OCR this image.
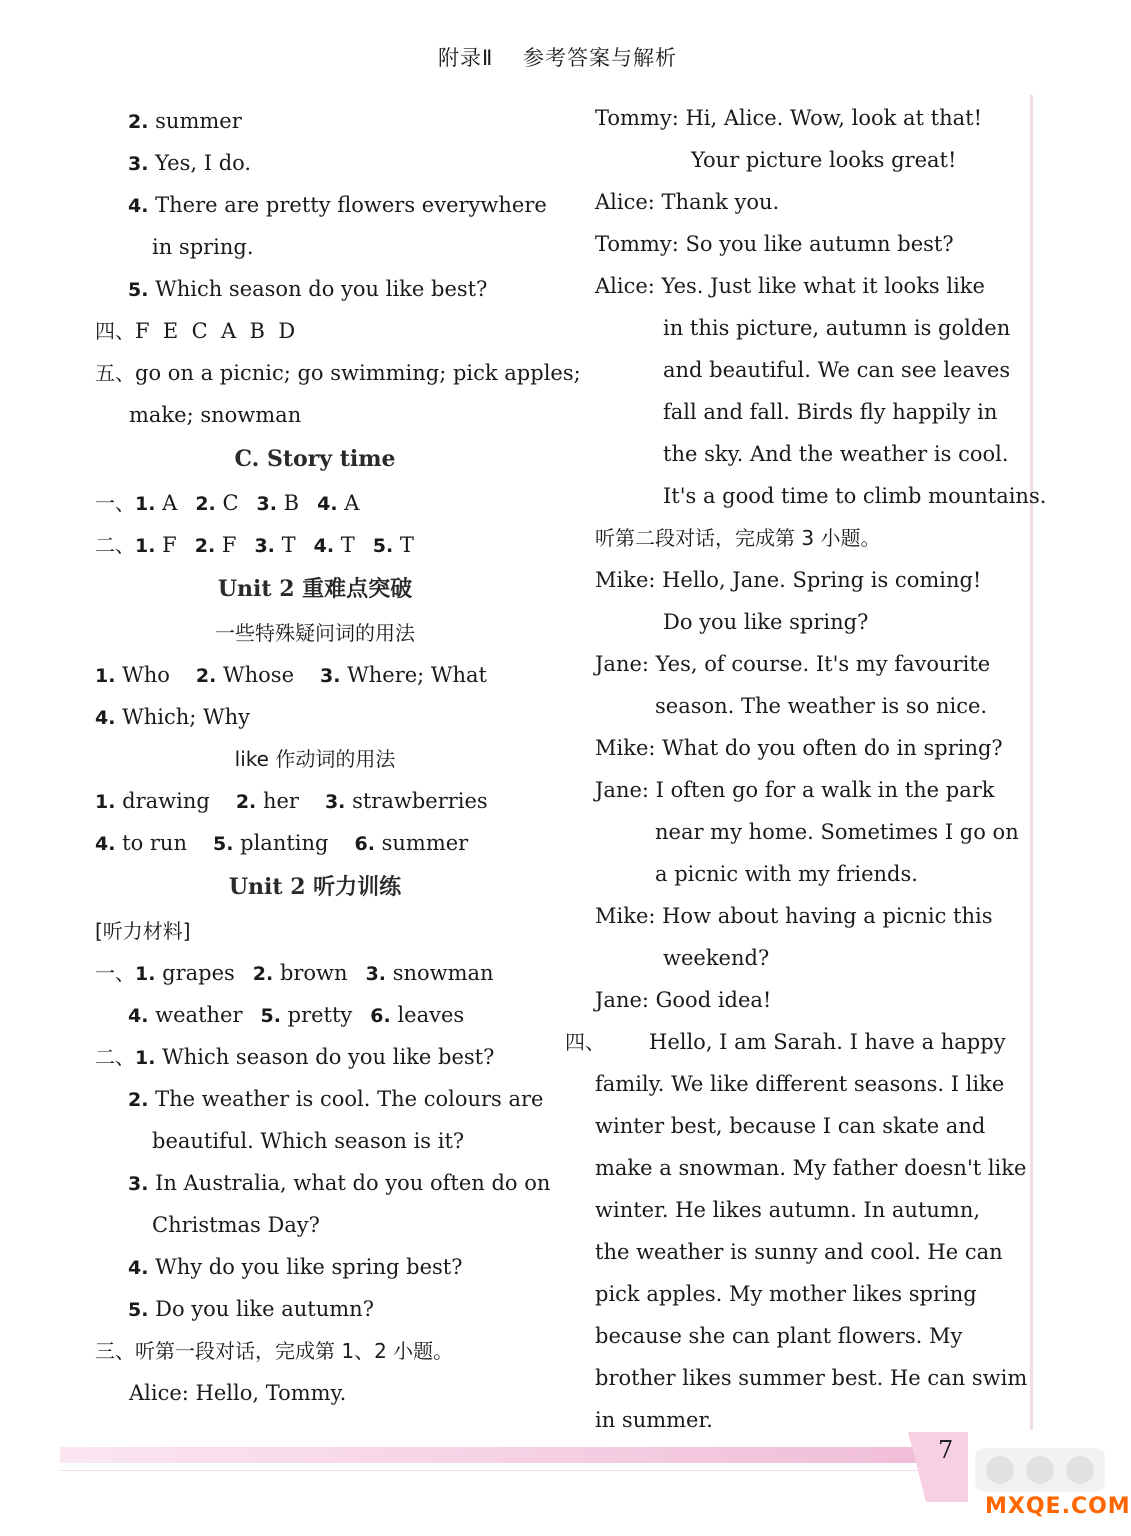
附录Ⅱ 参考答案与解析
2. summer
3. Yes, I do.
4. There are pretty flowers everywhere
in spring.
5. Which season do you like best?
四、F  E  C  A  B  D
五、go on a picnic; go swimming; pick apples;
make; snowman
C. Story time
一、1. A 2. C 3. B 4. A
二、1. F 2. F 3. T 4. T 5. T
Unit 2 重难点突破
一些特殊疑问词的用法
1. Who 2. Whose 3. Where; What
4. Which; Why
like 作动词的用法
1. drawing 2. her 3. strawberries
4. to run 5. planting 6. summer
Unit 2 听力训练
[听力材料]
一、1. grapes 2. brown 3. snowman
4. weather 5. pretty 6. leaves
二、1. Which season do you like best?
2. The weather is cool. The colours are
beautiful. Which season is it?
3. In Australia, what do you often do on
Christmas Day?
4. Why do you like spring best?
5. Do you like autumn?
三、听第一段对话，完成第 1、2 小题。
Alice: Hello, Tommy.
Tommy: Hi, Alice. Wow, look at that!
Your picture looks great!
Alice: Thank you.
Tommy: So you like autumn best?
Alice: Yes. Just like what it looks like
in this picture, autumn is golden
and beautiful. We can see leaves
fall and fall. Birds fly happily in
the sky. And the weather is cool.
It's a good time to climb mountains.
听第二段对话，完成第 3 小题。
Mike: Hello, Jane. Spring is coming!
Do you like spring?
Jane: Yes, of course. It's my favourite
season. The weather is so nice.
Mike: What do you often do in spring?
Jane: I often go for a walk in the park
near my home. Sometimes I go on
a picnic with my friends.
Mike: How about having a picnic this
weekend?
Jane: Good idea!
四、 Hello, I am Sarah. I have a happy
family. We like different seasons. I like
winter best, because I can skate and
make a snowman. My father doesn't like
winter. He likes autumn. In autumn,
the weather is sunny and cool. He can
pick apples. My mother likes spring
because she can plant flowers. My
brother likes summer best. He can swim
in summer.
7
MXQE.COM
